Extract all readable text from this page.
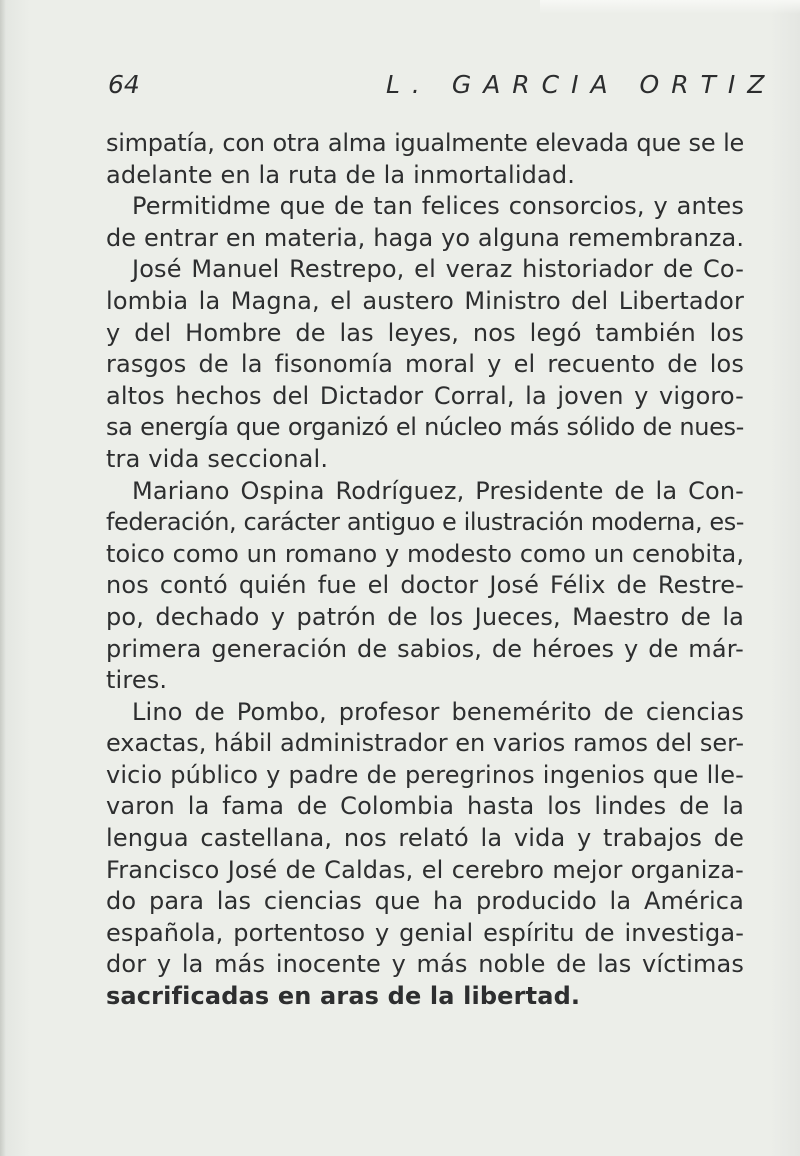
64	L. GARCIA ORTIZ
simpatía, con otra alma igualmente elevada que se le
adelante en la ruta de la inmortalidad.
Permitidme que de tan felices consorcios, y antes
de entrar en materia, haga yo alguna remembranza.
José Manuel Restrepo, el veraz historiador de Co-
lombia la Magna, el austero Ministro del Libertador
y del Hombre de las leyes, nos legó también los
rasgos de la fisonomía moral y el recuento de los
altos hechos del Dictador Corral, la joven y vigoro-
sa energía que organizó el núcleo más sólido de nues-
tra vida seccional.
Mariano Ospina Rodríguez, Presidente de la Con-
federación, carácter antiguo e ilustración moderna, es-
toico como un romano y modesto como un cenobita,
nos contó quién fue el doctor José Félix de Restre-
po, dechado y patrón de los Jueces, Maestro de la
primera generación de sabios, de héroes y de már-
tires.
Lino de Pombo, profesor benemérito de ciencias
exactas, hábil administrador en varios ramos del ser-
vicio público y padre de peregrinos ingenios que lle-
varon la fama de Colombia hasta los lindes de la
lengua castellana, nos relató la vida y trabajos de
Francisco José de Caldas, el cerebro mejor organiza-
do para las ciencias que ha producido la América
española, portentoso y genial espíritu de investiga-
dor y la más inocente y más noble de las víctimas
sacrificadas en aras de la libertad.
